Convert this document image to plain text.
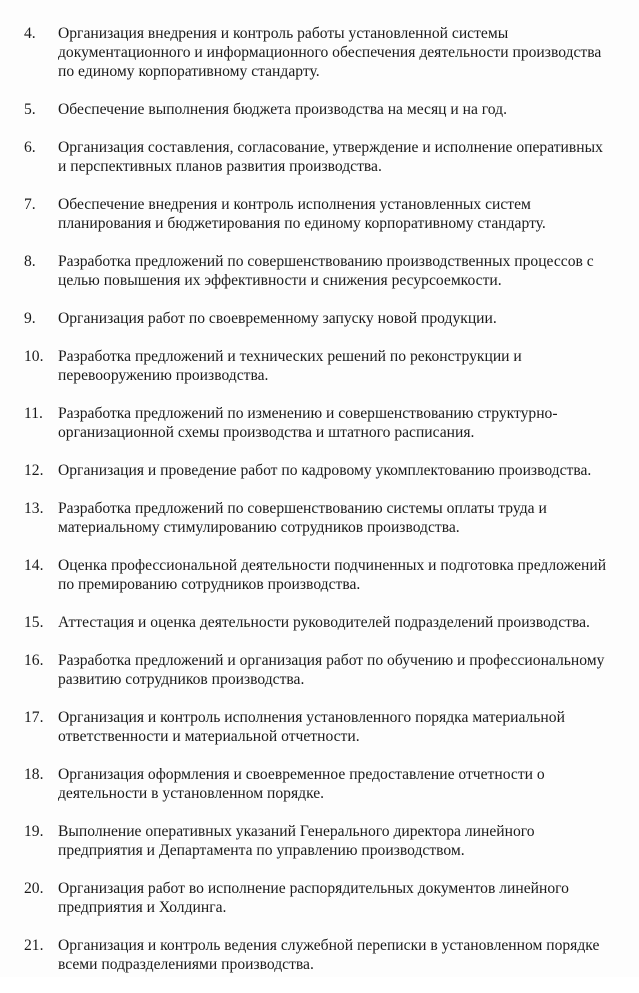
4.	Организация внедрения и контроль работы установленной системы
документационного и информационного обеспечения деятельности производства
по единому корпоративному стандарту.
5.	Обеспечение выполнения бюджета производства на месяц и на год.
6.	Организация составления, согласование, утверждение и исполнение оперативных
и перспективных планов развития производства.
7.	Обеспечение внедрения и контроль исполнения установленных систем
планирования и бюджетирования по единому корпоративному стандарту.
8.	Разработка предложений по совершенствованию производственных процессов с
целью повышения их эффективности и снижения ресурсоемкости.
9.	Организация работ по своевременному запуску новой продукции.
10. Разработка предложений и технических решений по реконструкции и
перевооружению производства.
11. Разработка предложений по изменению и совершенствованию структурно-
организационной схемы производства и штатного расписания.
12. Организация и проведение работ по кадровому укомплектованию производства.
13. Разработка предложений по совершенствованию системы оплаты труда и
материальному стимулированию сотрудников производства.
14. Оценка профессиональной деятельности подчиненных и подготовка предложений
по премированию сотрудников производства.
15. Аттестация и оценка деятельности руководителей подразделений производства.
16. Разработка предложений и организация работ по обучению и профессиональному
развитию сотрудников производства.
17. Организация и контроль исполнения установленного порядка материальной
ответственности и материальной отчетности.
18. Организация оформления и своевременное предоставление отчетности о
деятельности в установленном порядке.
19. Выполнение оперативных указаний Генерального директора линейного
предприятия и Департамента по управлению производством.
20. Организация работ во исполнение распорядительных документов линейного
предприятия и Холдинга.
21. Организация и контроль ведения служебной переписки в установленном порядке
всеми подразделениями производства.
